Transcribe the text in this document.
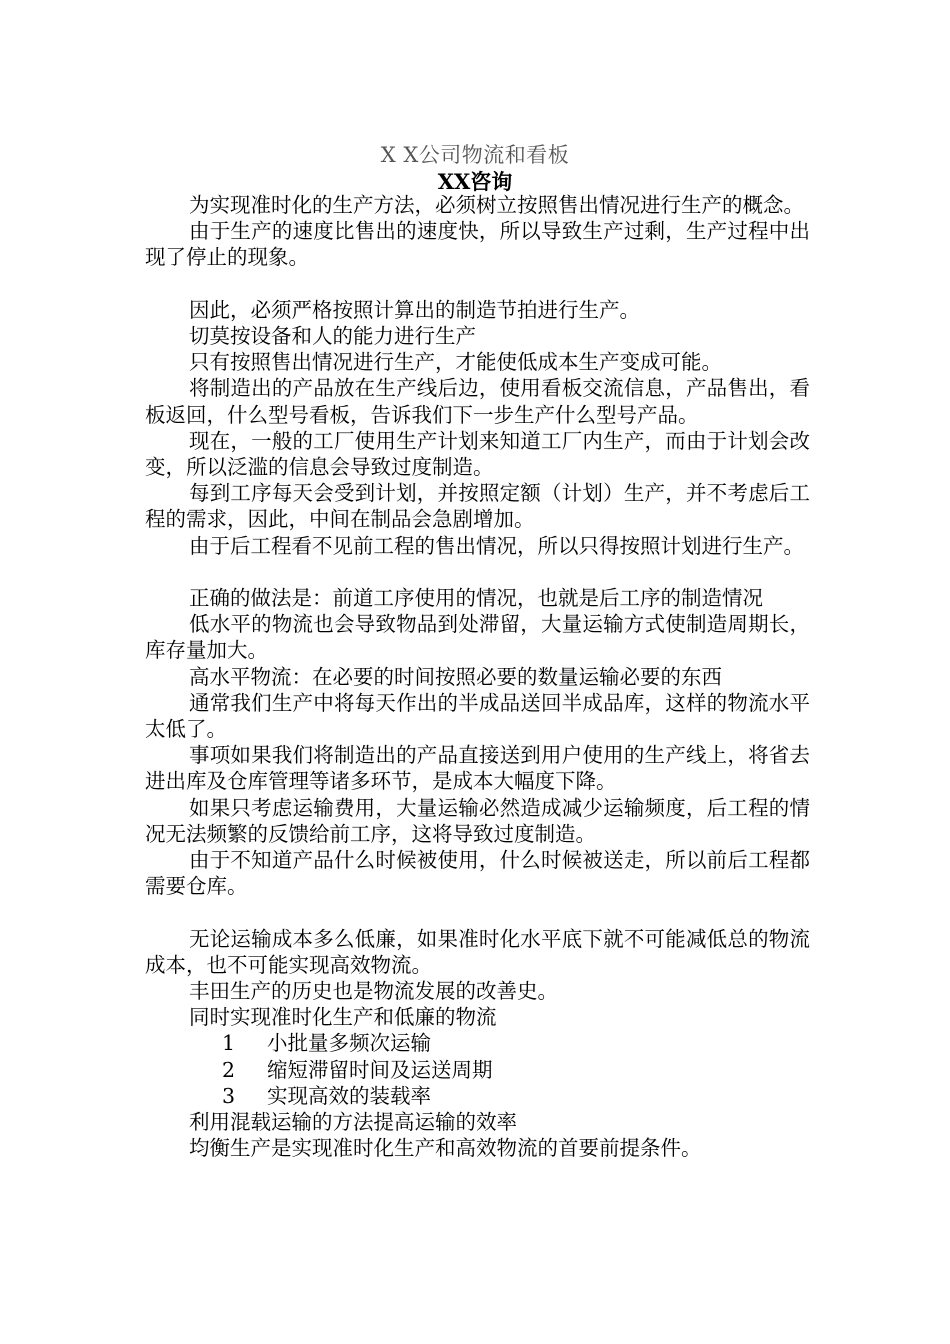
X X公司物流和看板
XX咨询

为实现准时化的生产方法，必须树立按照售出情况进行生产的概念。

由于生产的速度比售出的速度快，所以导致生产过剩，生产过程中出现了停止的现象。

因此，必须严格按照计算出的制造节拍进行生产。

切莫按设备和人的能力进行生产

只有按照售出情况进行生产，才能使低成本生产变成可能。

将制造出的产品放在生产线后边，使用看板交流信息，产品售出，看板返回，什么型号看板，告诉我们下一步生产什么型号产品。

现在，一般的工厂使用生产计划来知道工厂内生产，而由于计划会改变，所以泛滥的信息会导致过度制造。

每到工序每天会受到计划，并按照定额（计划）生产，并不考虑后工程的需求，因此，中间在制品会急剧增加。

由于后工程看不见前工程的售出情况，所以只得按照计划进行生产。

正确的做法是：前道工序使用的情况，也就是后工序的制造情况

低水平的物流也会导致物品到处滞留，大量运输方式使制造周期长，库存量加大。

高水平物流：在必要的时间按照必要的数量运输必要的东西

通常我们生产中将每天作出的半成品送回半成品库，这样的物流水平太低了。

事项如果我们将制造出的产品直接送到用户使用的生产线上，将省去进出库及仓库管理等诸多环节，是成本大幅度下降。

如果只考虑运输费用，大量运输必然造成减少运输频度，后工程的情况无法频繁的反馈给前工序，这将导致过度制造。

由于不知道产品什么时候被使用，什么时候被送走，所以前后工程都需要仓库。

无论运输成本多么低廉，如果准时化水平底下就不可能减低总的物流成本，也不可能实现高效物流。

丰田生产的历史也是物流发展的改善史。

同时实现准时化生产和低廉的物流

1 小批量多频次运输

2 缩短滞留时间及运送周期

3 实现高效的装载率

利用混载运输的方法提高运输的效率

均衡生产是实现准时化生产和高效物流的首要前提条件。
